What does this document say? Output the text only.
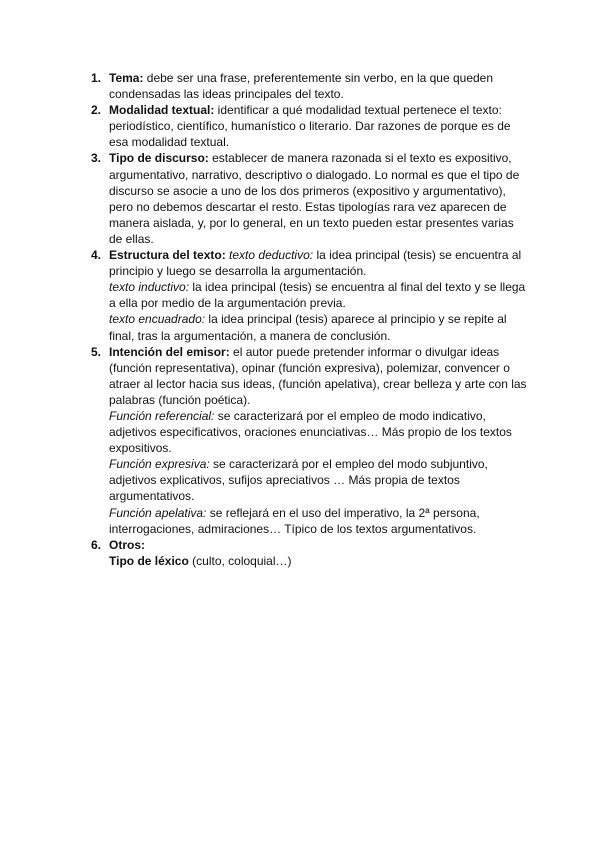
1. Tema: debe ser una frase, preferentemente sin verbo, en la que queden condensadas las ideas principales del texto.

2. Modalidad textual: identificar a qué modalidad textual pertenece el texto: periodístico, científico, humanístico o literario. Dar razones de porque es de esa modalidad textual.

3. Tipo de discurso: establecer de manera razonada si el texto es expositivo, argumentativo, narrativo, descriptivo o dialogado. Lo normal es que el tipo de discurso se asocie a uno de los dos primeros (expositivo y argumentativo), pero no debemos descartar el resto. Estas tipologías rara vez aparecen de manera aislada, y, por lo general, en un texto pueden estar presentes varias de ellas.

4. Estructura del texto: texto deductivo: la idea principal (tesis) se encuentra al principio y luego se desarrolla la argumentación.

texto inductivo: la idea principal (tesis) se encuentra al final del texto y se llega a ella por medio de la argumentación previa.

texto encuadrado: la idea principal (tesis) aparece al principio y se repite al final, tras la argumentación, a manera de conclusión.

5. Intención del emisor: el autor puede pretender informar o divulgar ideas (función representativa), opinar (función expresiva), polemizar, convencer o atraer al lector hacia sus ideas, (función apelativa), crear belleza y arte con las palabras (función poética).

Función referencial: se caracterizará por el empleo de modo indicativo, adjetivos especificativos, oraciones enunciativas… Más propio de los textos expositivos.

Función expresiva: se caracterizará por el empleo del modo subjuntivo, adjetivos explicativos, sufijos apreciativos … Más propia de textos argumentativos.

Función apelativa: se reflejará en el uso del imperativo, la 2ª persona, interrogaciones, admiraciones… Típico de los textos argumentativos.

6. Otros:

Tipo de léxico (culto, coloquial…)
